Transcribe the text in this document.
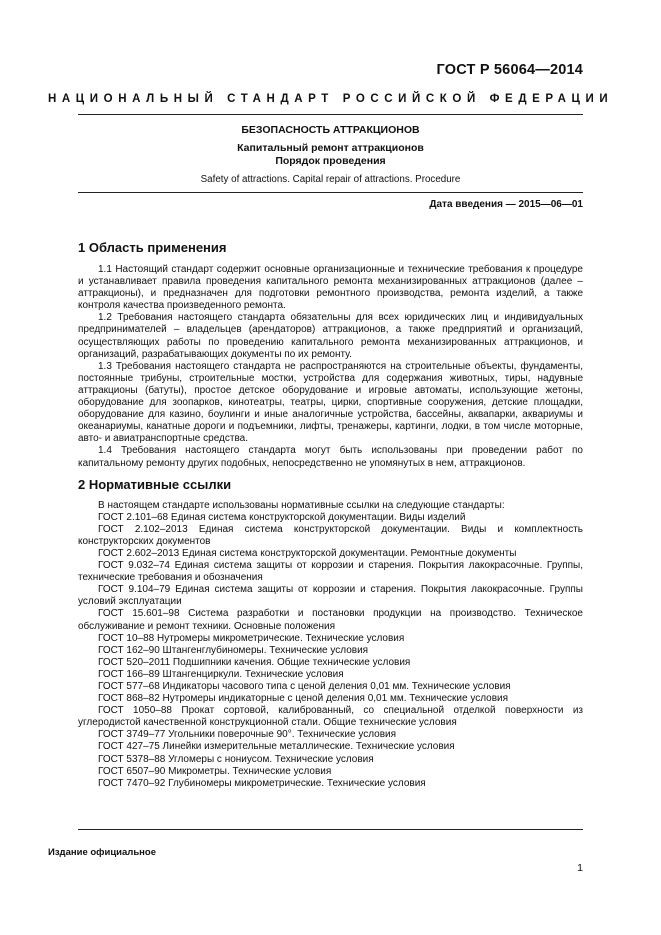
ГОСТ Р 56064—2014
НАЦИОНАЛЬНЫЙ СТАНДАРТ РОССИЙСКОЙ ФЕДЕРАЦИИ
БЕЗОПАСНОСТЬ АТТРАКЦИОНОВ
Капитальный ремонт аттракционов
Порядок проведения
Safety of attractions. Capital repair of attractions. Procedure
Дата введения — 2015—06—01
1 Область применения

1.1 Настоящий стандарт содержит основные организационные и технические требования к процедуре и устанавливает правила проведения капитального ремонта механизированных аттракционов (далее – аттракционы), и предназначен для подготовки ремонтного производства, ремонта изделий, а также контроля качества произведенного ремонта.

1.2 Требования настоящего стандарта обязательны для всех юридических лиц и индивидуальных предпринимателей – владельцев (арендаторов) аттракционов, а также предприятий и организаций, осуществляющих работы по проведению капитального ремонта механизированных аттракционов, и организаций, разрабатывающих документы по их ремонту.

1.3 Требования настоящего стандарта не распространяются на строительные объекты, фундаменты, постоянные трибуны, строительные мостки, устройства для содержания животных, тиры, надувные аттракционы (батуты), простое детское оборудование и игровые автоматы, использующие жетоны, оборудование для зоопарков, кинотеатры, театры, цирки, спортивные сооружения, детские площадки, оборудование для казино, боулинги и иные аналогичные устройства, бассейны, аквапарки, аквариумы и океанариумы, канатные дороги и подъемники, лифты, тренажеры, картинги, лодки, в том числе моторные, авто- и авиатранспортные средства.

1.4 Требования настоящего стандарта могут быть использованы при проведении работ по капитальному ремонту других подобных, непосредственно не упомянутых в нем, аттракционов.

2 Нормативные ссылки

В настоящем стандарте использованы нормативные ссылки на следующие стандарты:

ГОСТ 2.101–68 Единая система конструкторской документации. Виды изделий

ГОСТ 2.102–2013 Единая система конструкторской документации. Виды и комплектность конструкторских документов

ГОСТ 2.602–2013 Единая система конструкторской документации. Ремонтные документы

ГОСТ 9.032–74 Единая система защиты от коррозии и старения. Покрытия лакокрасочные. Группы, технические требования и обозначения

ГОСТ 9.104–79 Единая система защиты от коррозии и старения. Покрытия лакокрасочные. Группы условий эксплуатации

ГОСТ 15.601–98 Система разработки и постановки продукции на производство. Техническое обслуживание и ремонт техники. Основные положения

ГОСТ 10–88 Нутромеры микрометрические. Технические условия

ГОСТ 162–90 Штангенглубиномеры. Технические условия

ГОСТ 520–2011 Подшипники качения. Общие технические условия

ГОСТ 166–89 Штангенциркули. Технические условия

ГОСТ 577–68 Индикаторы часового типа с ценой деления 0,01 мм. Технические условия

ГОСТ 868–82 Нутромеры индикаторные с ценой деления 0,01 мм. Технические условия

ГОСТ 1050–88 Прокат сортовой, калиброванный, со специальной отделкой поверхности из углеродистой качественной конструкционной стали. Общие технические условия

ГОСТ 3749–77 Угольники поверочные 90°. Технические условия

ГОСТ 427–75 Линейки измерительные металлические. Технические условия

ГОСТ 5378–88 Угломеры с нониусом. Технические условия

ГОСТ 6507–90 Микрометры. Технические условия

ГОСТ 7470–92 Глубиномеры микрометрические. Технические условия

Издание официальное
1
